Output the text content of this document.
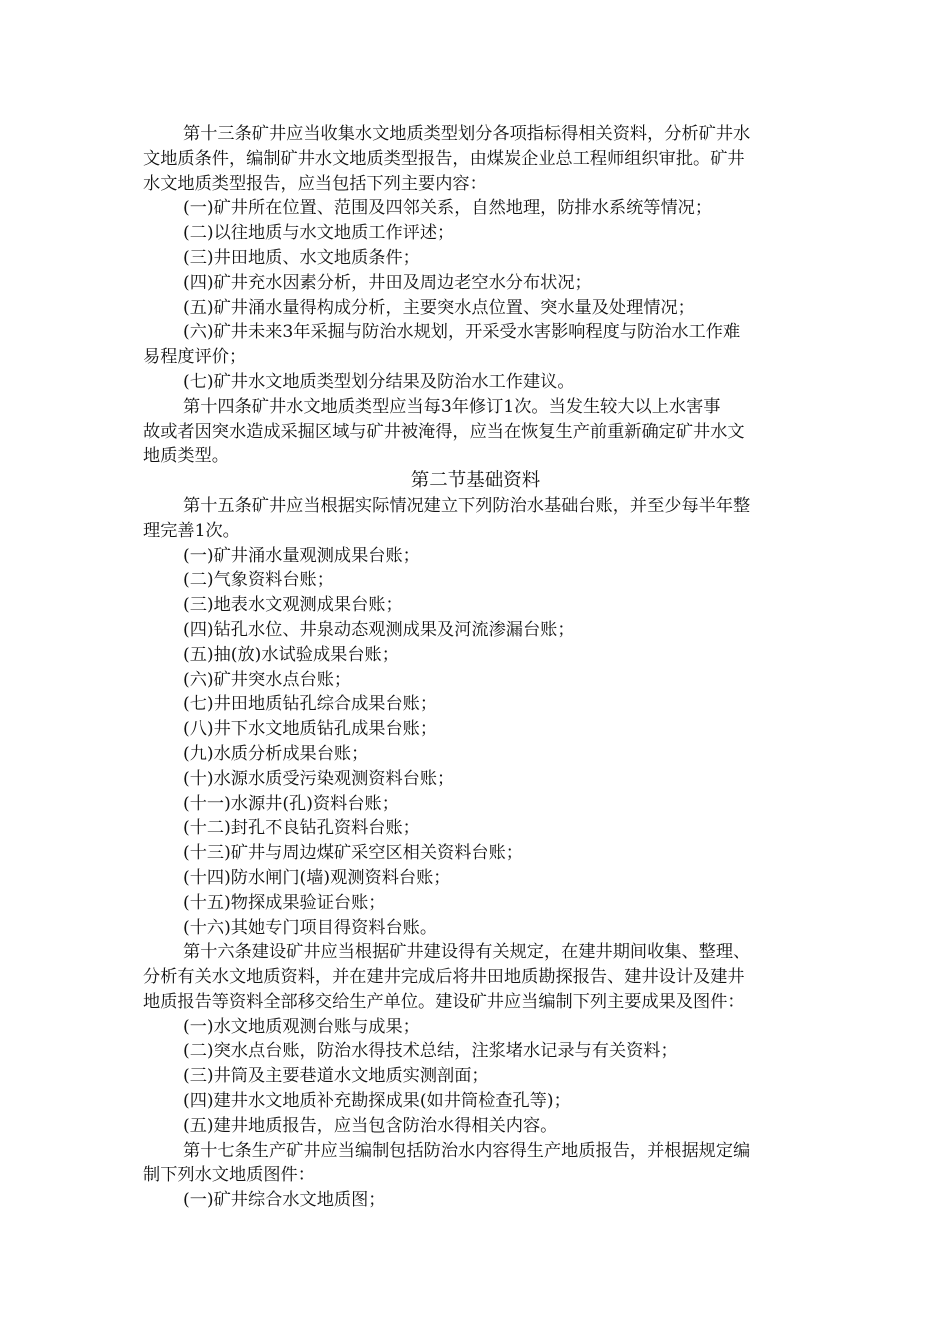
第十三条矿井应当收集水文地质类型划分各项指标得相关资料，分析矿井水
文地质条件，编制矿井水文地质类型报告，由煤炭企业总工程师组织审批。矿井
水文地质类型报告，应当包括下列主要内容：
(一)矿井所在位置、范围及四邻关系，自然地理，防排水系统等情况；
(二)以往地质与水文地质工作评述；
(三)井田地质、水文地质条件；
(四)矿井充水因素分析，井田及周边老空水分布状况；
(五)矿井涌水量得构成分析，主要突水点位置、突水量及处理情况；
(六)矿井未来3年采掘与防治水规划，开采受水害影响程度与防治水工作难
易程度评价；
(七)矿井水文地质类型划分结果及防治水工作建议。
第十四条矿井水文地质类型应当每3年修订1次。当发生较大以上水害事
故或者因突水造成采掘区域与矿井被淹得，应当在恢复生产前重新确定矿井水文
地质类型。
第二节基础资料
第十五条矿井应当根据实际情况建立下列防治水基础台账，并至少每半年整
理完善1次。
(一)矿井涌水量观测成果台账；
(二)气象资料台账；
(三)地表水文观测成果台账；
(四)钻孔水位、井泉动态观测成果及河流渗漏台账；
(五)抽(放)水试验成果台账；
(六)矿井突水点台账；
(七)井田地质钻孔综合成果台账；
(八)井下水文地质钻孔成果台账；
(九)水质分析成果台账；
(十)水源水质受污染观测资料台账；
(十一)水源井(孔)资料台账；
(十二)封孔不良钻孔资料台账；
(十三)矿井与周边煤矿采空区相关资料台账；
(十四)防水闸门(墙)观测资料台账；
(十五)物探成果验证台账；
(十六)其她专门项目得资料台账。
第十六条建设矿井应当根据矿井建设得有关规定，在建井期间收集、整理、
分析有关水文地质资料，并在建井完成后将井田地质勘探报告、建井设计及建井
地质报告等资料全部移交给生产单位。建设矿井应当编制下列主要成果及图件：
(一)水文地质观测台账与成果；
(二)突水点台账，防治水得技术总结，注浆堵水记录与有关资料；
(三)井筒及主要巷道水文地质实测剖面；
(四)建井水文地质补充勘探成果(如井筒检查孔等)；
(五)建井地质报告，应当包含防治水得相关内容。
第十七条生产矿井应当编制包括防治水内容得生产地质报告，并根据规定编
制下列水文地质图件：
(一)矿井综合水文地质图；
